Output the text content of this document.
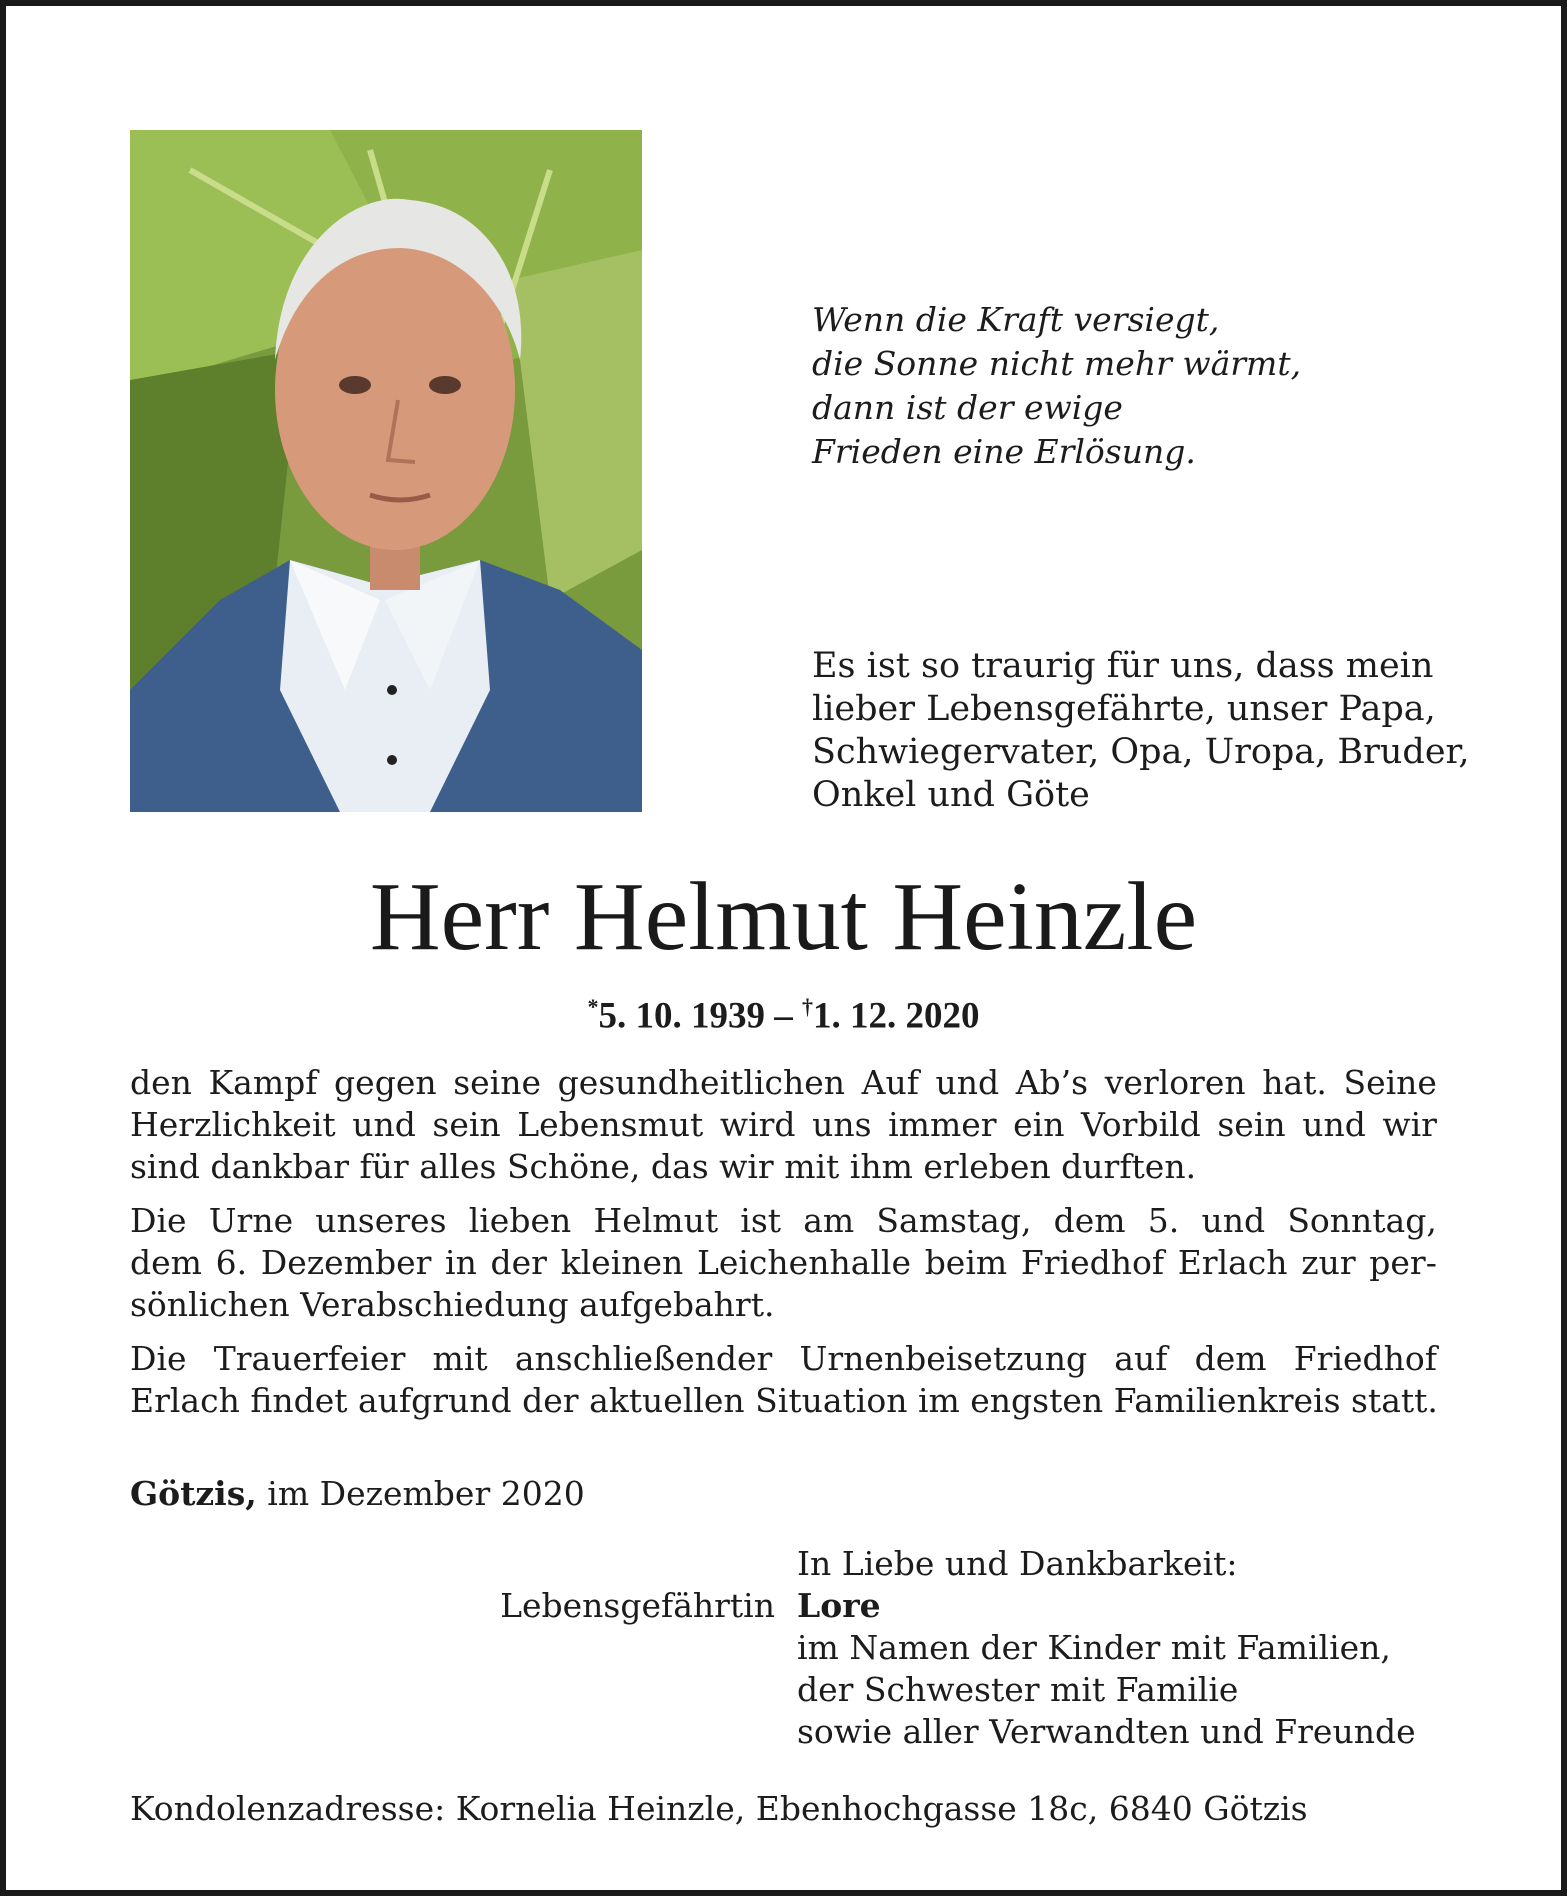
Wenn die Kraft versiegt,
die Sonne nicht mehr wärmt,
dann ist der ewige
Frieden eine Erlösung.
Es ist so traurig für uns, dass mein
lieber Lebensgefährte, unser Papa,
Schwiegervater, Opa, Uropa, Bruder,
Onkel und Göte
Herr Helmut Heinzle
*5. 10. 1939 – †1. 12. 2020
den Kampf gegen seine gesundheitlichen Auf und Ab’s verloren hat. Seine
Herzlichkeit und sein Lebensmut wird uns immer ein Vorbild sein und wir
sind dankbar für alles Schöne, das wir mit ihm erleben durften.
Die Urne unseres lieben Helmut ist am Samstag, dem 5. und Sonntag,
dem 6. Dezember in der kleinen Leichenhalle beim Friedhof Erlach zur per-
sönlichen Verabschiedung aufgebahrt.
Die Trauerfeier mit anschließender Urnenbeisetzung auf dem Friedhof
Erlach findet aufgrund der aktuellen Situation im engsten Familienkreis statt.
Götzis, im Dezember 2020
Lebensgefährtin
In Liebe und Dankbarkeit:
Lore
im Namen der Kinder mit Familien,
der Schwester mit Familie
sowie aller Verwandten und Freunde
Kondolenzadresse: Kornelia Heinzle, Ebenhochgasse 18c, 6840 Götzis
